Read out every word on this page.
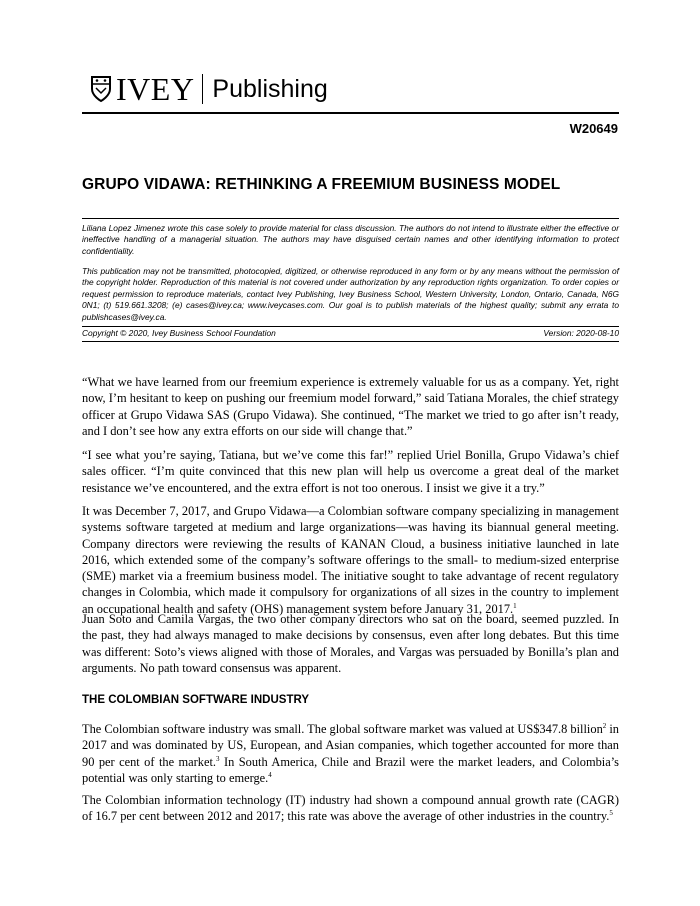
IVEY Publishing
W20649
GRUPO VIDAWA: RETHINKING A FREEMIUM BUSINESS MODEL

Liliana Lopez Jimenez wrote this case solely to provide material for class discussion. The authors do not intend to illustrate either the effective or ineffective handling of a managerial situation. The authors may have disguised certain names and other identifying information to protect confidentiality.

This publication may not be transmitted, photocopied, digitized, or otherwise reproduced in any form or by any means without the permission of the copyright holder. Reproduction of this material is not covered under authorization by any reproduction rights organization. To order copies or request permission to reproduce materials, contact Ivey Publishing, Ivey Business School, Western University, London, Ontario, Canada, N6G 0N1; (t) 519.661.3208; (e) cases@ivey.ca; www.iveycases.com. Our goal is to publish materials of the highest quality; submit any errata to publishcases@ivey.ca.

Copyright © 2020, Ivey Business School Foundation	Version: 2020-08-10

“What we have learned from our freemium experience is extremely valuable for us as a company. Yet, right now, I’m hesitant to keep on pushing our freemium model forward,” said Tatiana Morales, the chief strategy officer at Grupo Vidawa SAS (Grupo Vidawa). She continued, “The market we tried to go after isn’t ready, and I don’t see how any extra efforts on our side will change that.”

“I see what you’re saying, Tatiana, but we’ve come this far!” replied Uriel Bonilla, Grupo Vidawa’s chief sales officer. “I’m quite convinced that this new plan will help us overcome a great deal of the market resistance we’ve encountered, and the extra effort is not too onerous. I insist we give it a try.”

It was December 7, 2017, and Grupo Vidawa—a Colombian software company specializing in management systems software targeted at medium and large organizations—was having its biannual general meeting. Company directors were reviewing the results of KANAN Cloud, a business initiative launched in late 2016, which extended some of the company’s software offerings to the small- to medium-sized enterprise (SME) market via a freemium business model. The initiative sought to take advantage of recent regulatory changes in Colombia, which made it compulsory for organizations of all sizes in the country to implement an occupational health and safety (OHS) management system before January 31, 2017.$^1$

Juan Soto and Camila Vargas, the two other company directors who sat on the board, seemed puzzled. In the past, they had always managed to make decisions by consensus, even after long debates. But this time was different: Soto’s views aligned with those of Morales, and Vargas was persuaded by Bonilla’s plan and arguments. No path toward consensus was apparent.

THE COLOMBIAN SOFTWARE INDUSTRY

The Colombian software industry was small. The global software market was valued at US$347.8 billion$^2$ in 2017 and was dominated by US, European, and Asian companies, which together accounted for more than 90 per cent of the market.$^3$ In South America, Chile and Brazil were the market leaders, and Colombia’s potential was only starting to emerge.$^4$

The Colombian information technology (IT) industry had shown a compound annual growth rate (CAGR) of 16.7 per cent between 2012 and 2017; this rate was above the average of other industries in the country.$^5$
